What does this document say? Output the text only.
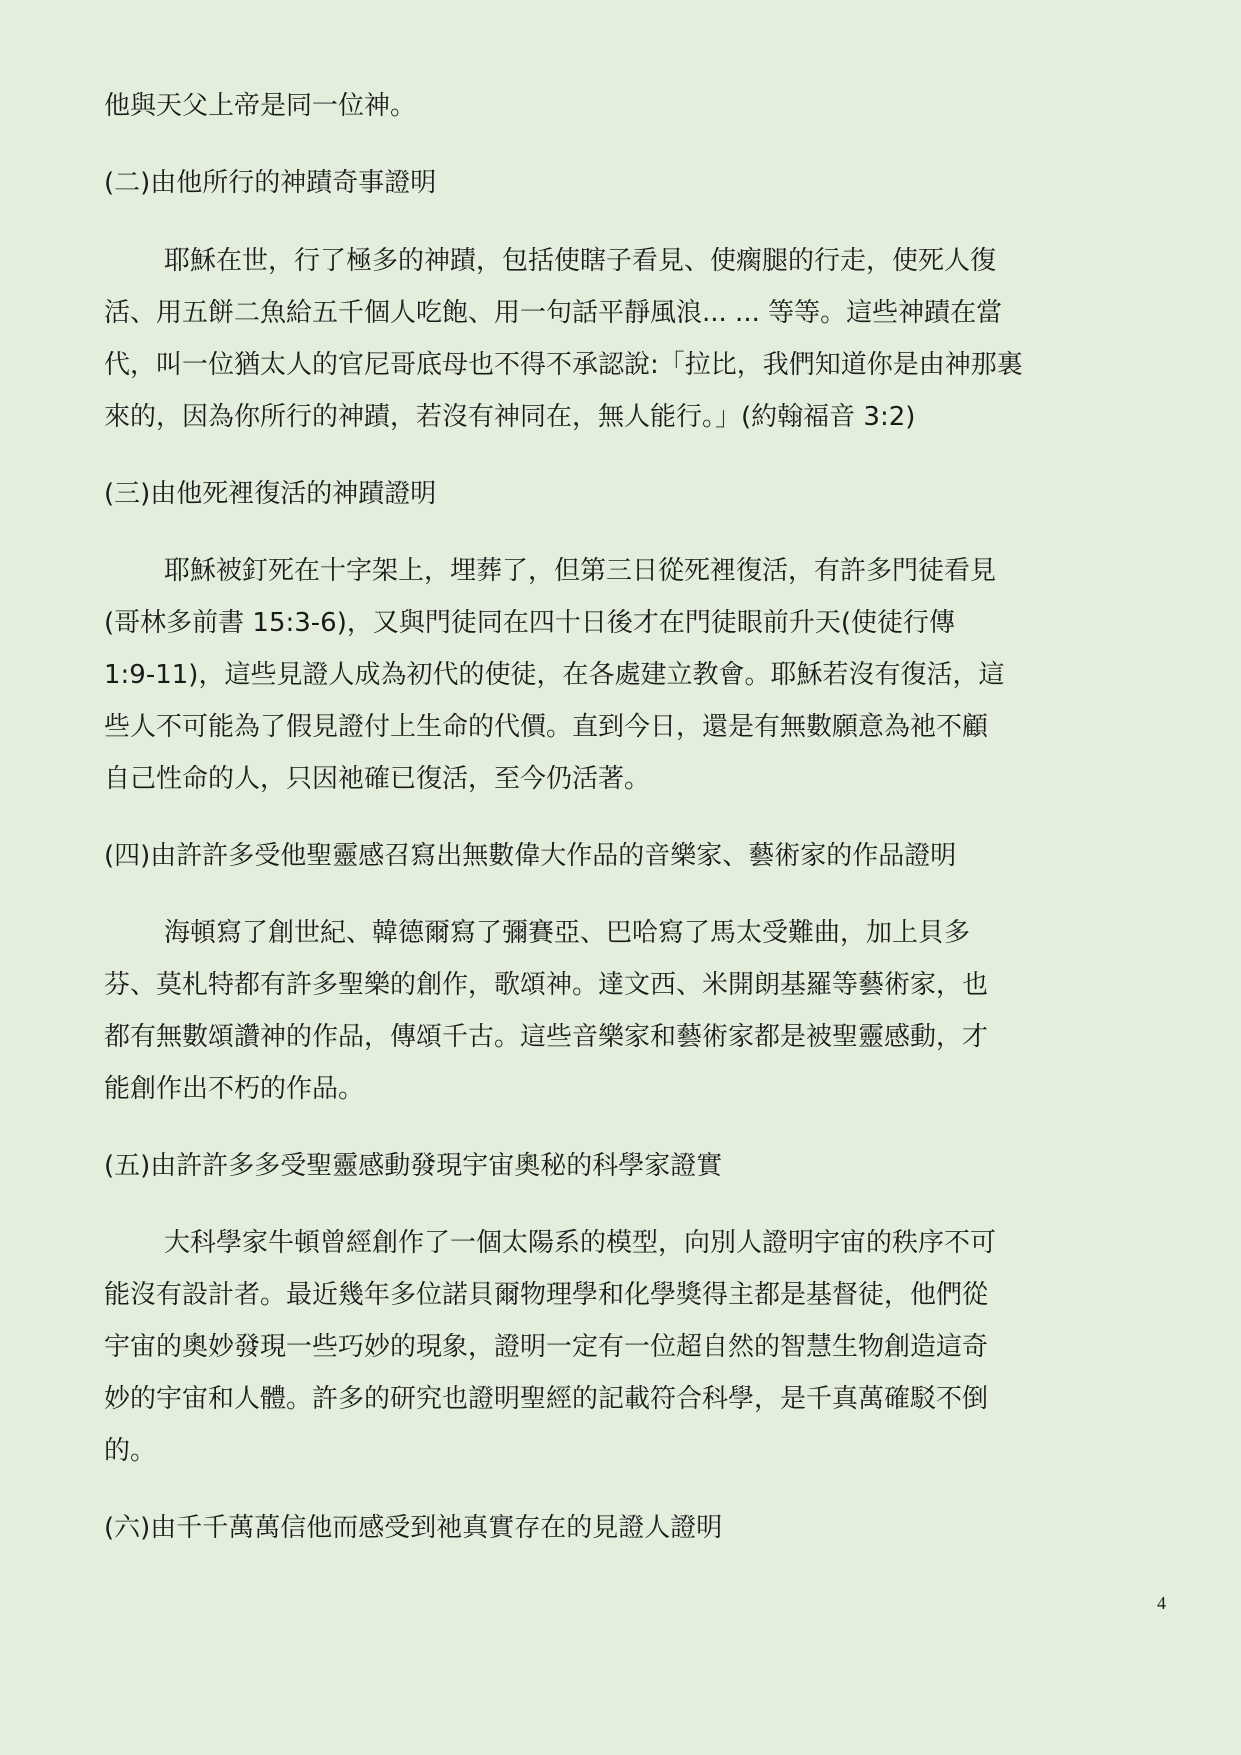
他與天父上帝是同一位神。

(二)由他所行的神蹟奇事證明

耶穌在世，行了極多的神蹟，包括使瞎子看見、使瘸腿的行走，使死人復

活、用五餅二魚給五千個人吃飽、用一句話平靜風浪... ... 等等。這些神蹟在當

代，叫一位猶太人的官尼哥底母也不得不承認說:「拉比，我們知道你是由神那裏

來的，因為你所行的神蹟，若沒有神同在，無人能行。」(約翰福音 3:2)

(三)由他死裡復活的神蹟證明

耶穌被釘死在十字架上，埋葬了，但第三日從死裡復活，有許多門徒看見

(哥林多前書 15:3-6)，又與門徒同在四十日後才在門徒眼前升天(使徒行傳

1:9-11)，這些見證人成為初代的使徒，在各處建立教會。耶穌若沒有復活，這

些人不可能為了假見證付上生命的代價。直到今日，還是有無數願意為祂不顧

自己性命的人，只因祂確已復活，至今仍活著。

(四)由許許多受他聖靈感召寫出無數偉大作品的音樂家、藝術家的作品證明

海頓寫了創世紀、韓德爾寫了彌賽亞、巴哈寫了馬太受難曲，加上貝多

芬、莫札特都有許多聖樂的創作，歌頌神。達文西、米開朗基羅等藝術家，也

都有無數頌讚神的作品，傳頌千古。這些音樂家和藝術家都是被聖靈感動，才

能創作出不朽的作品。

(五)由許許多多受聖靈感動發現宇宙奧秘的科學家證實

大科學家牛頓曾經創作了一個太陽系的模型，向別人證明宇宙的秩序不可

能沒有設計者。最近幾年多位諾貝爾物理學和化學獎得主都是基督徒，他們從

宇宙的奧妙發現一些巧妙的現象，證明一定有一位超自然的智慧生物創造這奇

妙的宇宙和人體。許多的研究也證明聖經的記載符合科學，是千真萬確駁不倒

的。

(六)由千千萬萬信他而感受到祂真實存在的見證人證明

4
